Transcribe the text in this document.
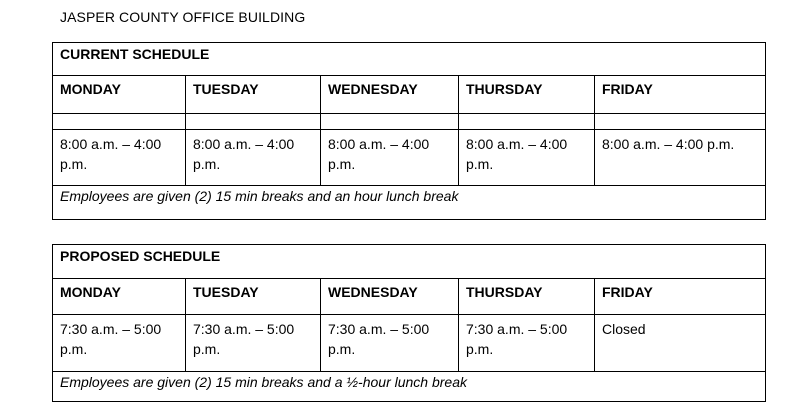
JASPER COUNTY OFFICE BUILDING
CURRENT SCHEDULE				
MONDAY	TUESDAY	WEDNESDAY	THURSDAY	FRIDAY

8:00 a.m. – 4:00 p.m.	8:00 a.m. – 4:00 p.m.	8:00 a.m. – 4:00 p.m.	8:00 a.m. – 4:00 p.m.	8:00 a.m. – 4:00 p.m.
Employees are given (2) 15 min breaks and an hour lunch break				
PROPOSED SCHEDULE				
MONDAY	TUESDAY	WEDNESDAY	THURSDAY	FRIDAY
7:30 a.m. – 5:00 p.m.	7:30 a.m. – 5:00 p.m.	7:30 a.m. – 5:00 p.m.	7:30 a.m. – 5:00 p.m.	Closed
Employees are given (2) 15 min breaks and a ½-hour lunch break				
